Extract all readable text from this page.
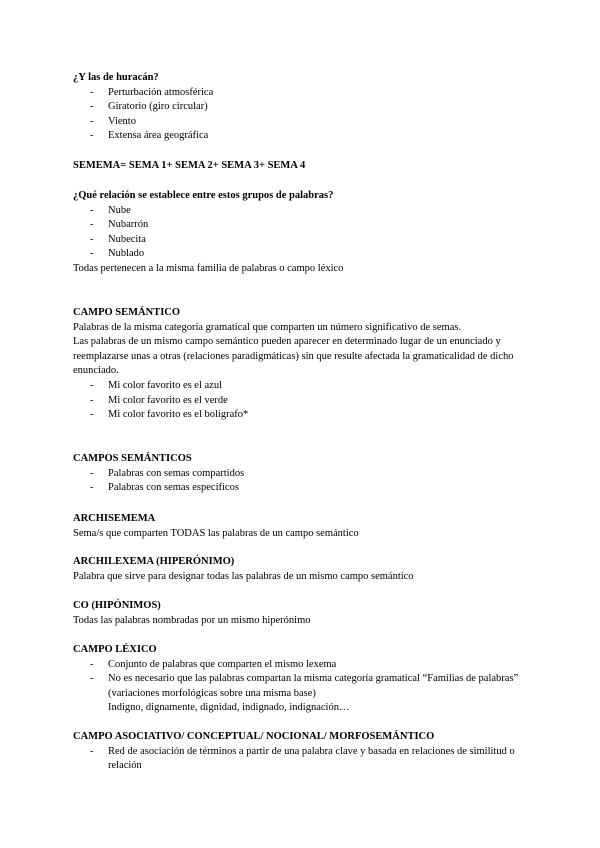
¿Y las de huracán?
- Perturbación atmosférica
- Giratorio (giro circular)
- Viento
- Extensa área geográfica
SEMEMA= SEMA 1+ SEMA 2+ SEMA 3+ SEMA 4
¿Qué relación se establece entre estos grupos de palabras?
- Nube
- Nubarrón
- Nubecita
- Nublado

Todas pertenecen a la misma familia de palabras o campo léxico

CAMPO SEMÁNTICO

Palabras de la misma categoría gramatical que comparten un número significativo de semas.

Las palabras de un mismo campo semántico pueden aparecer en determinado lugar de un enunciado y reemplazarse unas a otras (relaciones paradigmáticas) sin que resulte afectada la gramaticalidad de dicho enunciado.

- Mi color favorito es el azul
- Mi color favorito es el verde
- Mi color favorito es el bolígrafo*
CAMPOS SEMÁNTICOS
- Palabras con semas compartidos
- Palabras con semas específicos
ARCHISEMEMA

Sema/s que comparten TODAS las palabras de un campo semántico

ARCHILEXEMA (HIPERÓNIMO)

Palabra que sirve para designar todas las palabras de un mismo campo semántico

CO (HIPÓNIMOS)

Todas las palabras nombradas por un mismo hiperónimo

CAMPO LÉXICO
- Conjunto de palabras que comparten el mismo lexema
- No es necesario que las palabras compartan la misma categoría gramatical “Familias de palabras” (variaciones morfológicas sobre una misma base)
Indigno, dignamente, dignidad, indignado, indignación…
CAMPO ASOCIATIVO/ CONCEPTUAL/ NOCIONAL/ MORFOSEMÁNTICO
- Red de asociación de términos a partir de una palabra clave y basada en relaciones de similitud o relación
